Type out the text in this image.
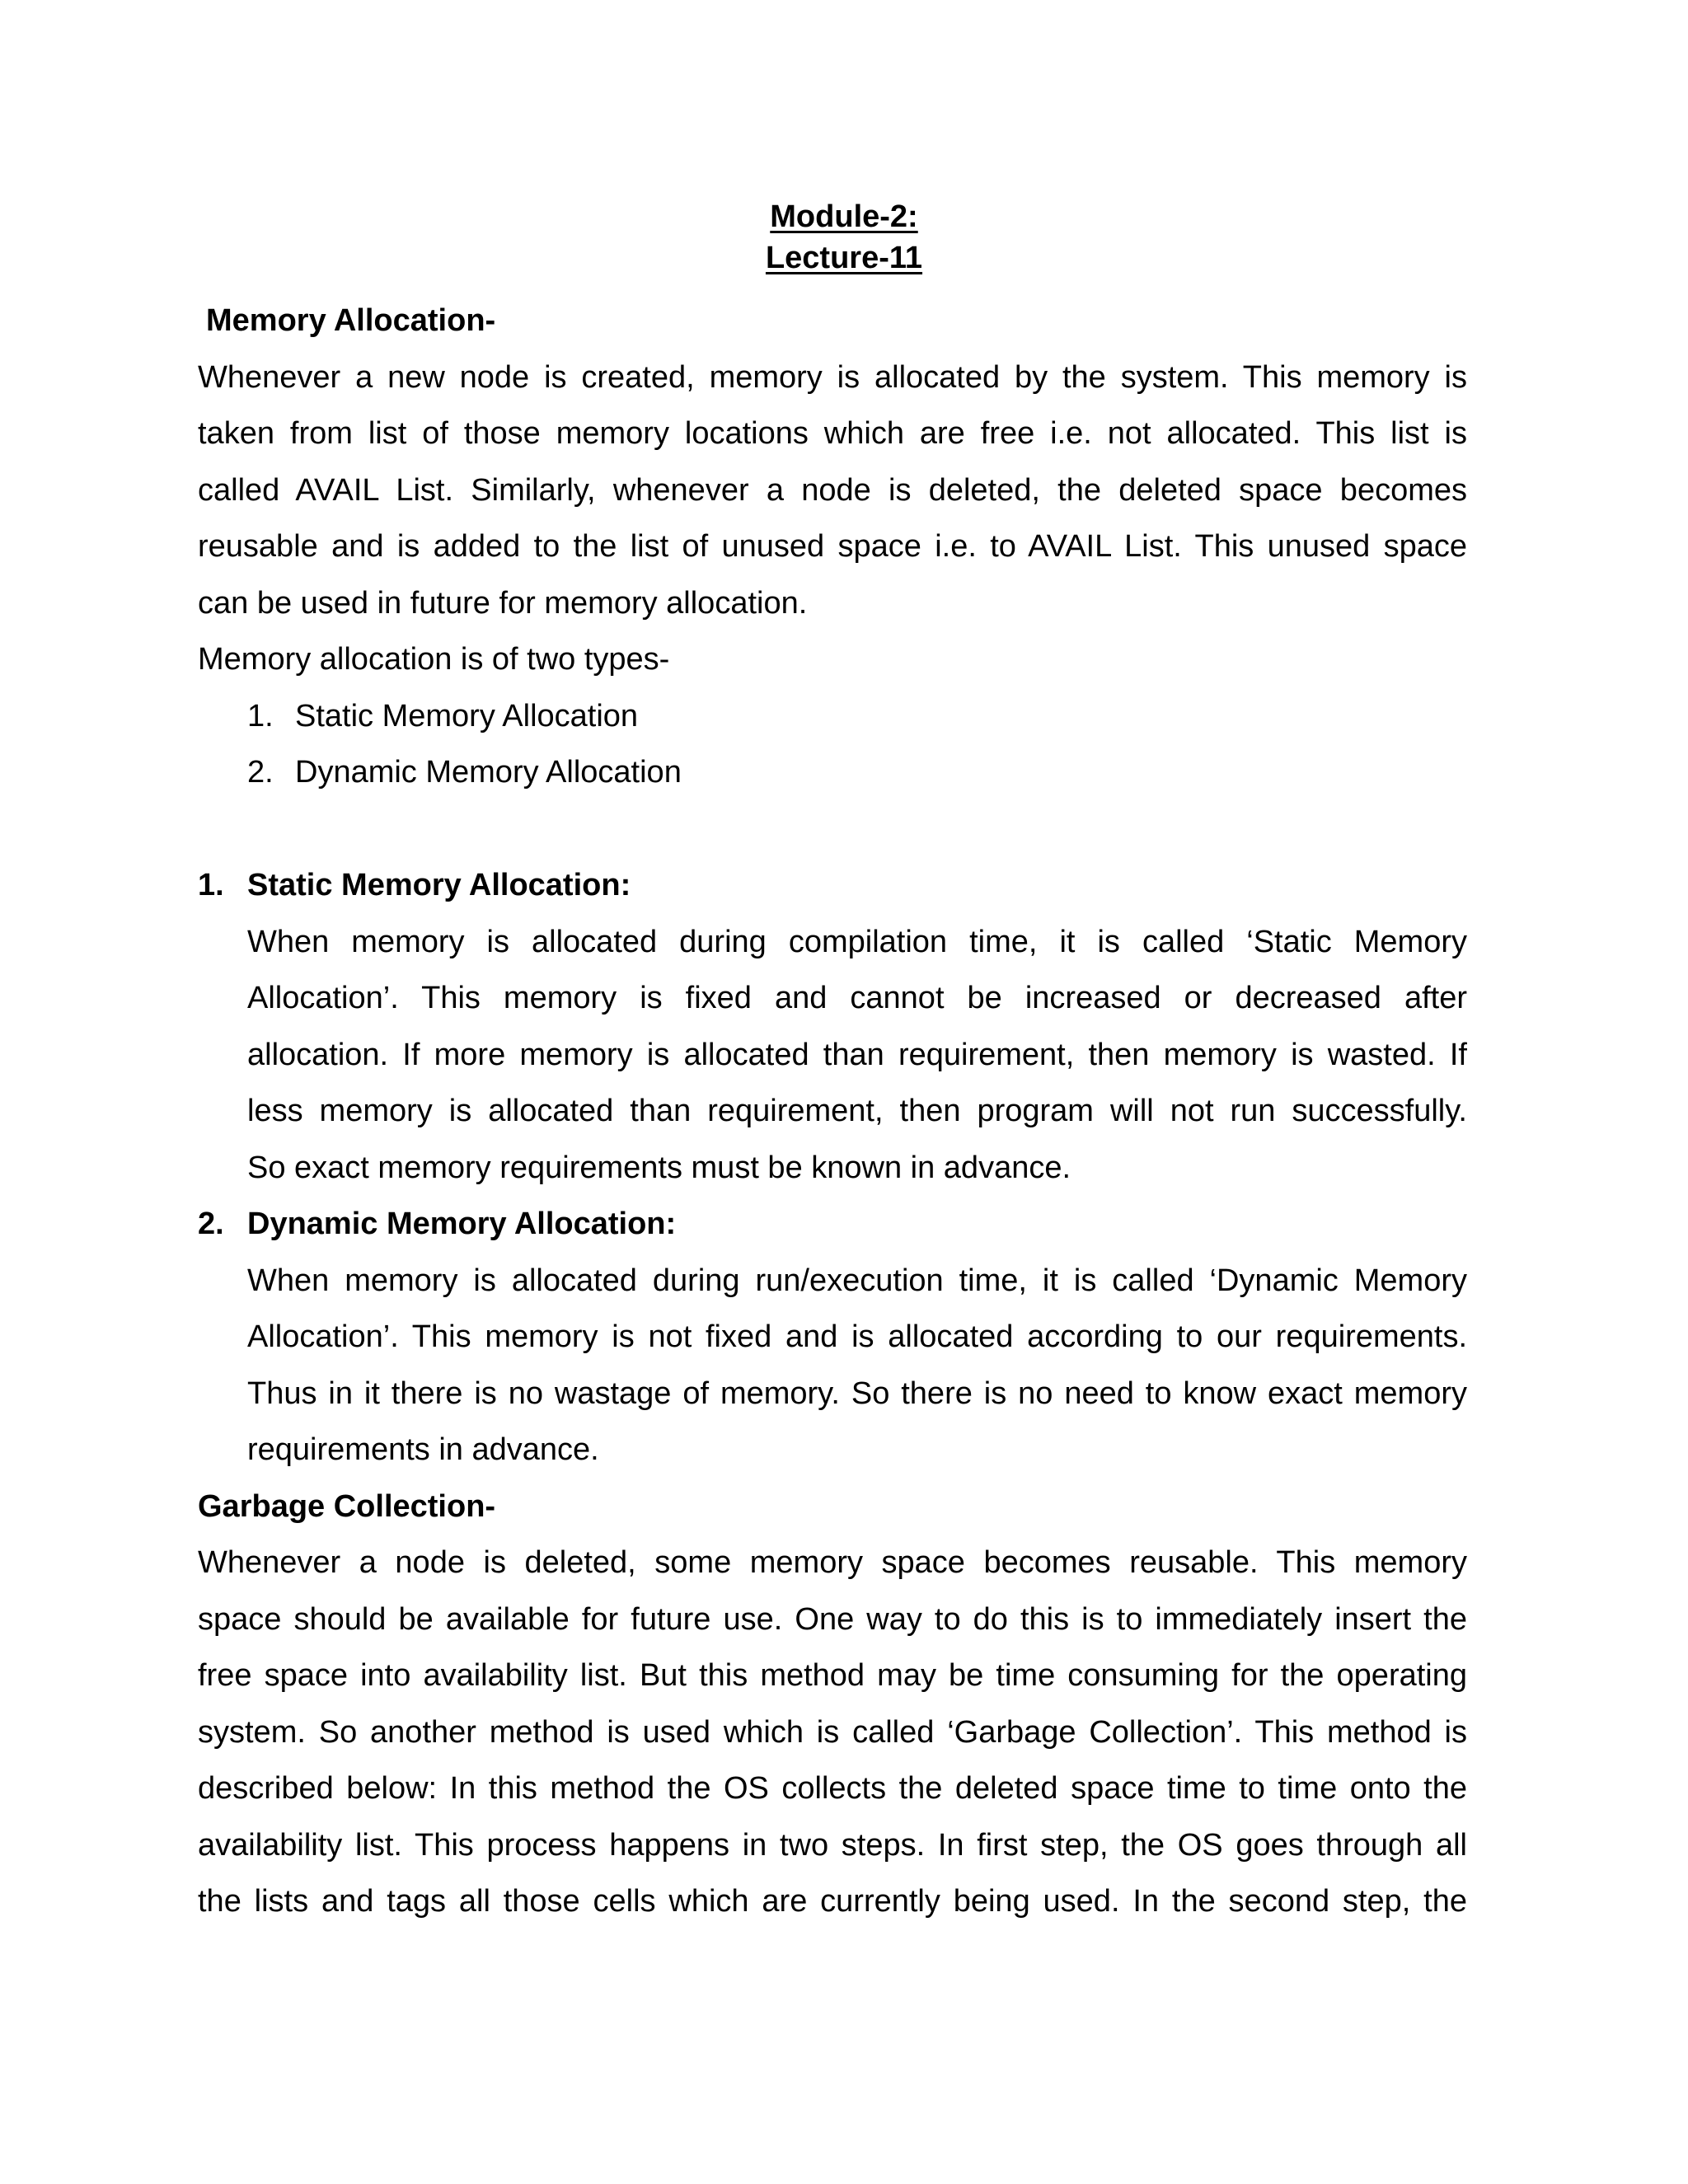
Module-2:
Lecture-11
Memory Allocation-
Whenever a new node is created, memory is allocated by the system. This memory is
taken from list of those memory locations which are free i.e. not allocated. This list is
called AVAIL List. Similarly, whenever a node is deleted, the deleted space becomes
reusable and is added to the list of unused space i.e. to AVAIL List. This unused space
can be used in future for memory allocation.
Memory allocation is of two types-
1. Static Memory Allocation
2. Dynamic Memory Allocation
1. Static Memory Allocation:
When memory is allocated during compilation time, it is called ‘Static Memory
Allocation’. This memory is fixed and cannot be increased or decreased after
allocation. If more memory is allocated than requirement, then memory is wasted. If
less memory is allocated than requirement, then program will not run successfully.
So exact memory requirements must be known in advance.
2. Dynamic Memory Allocation:
When memory is allocated during run/execution time, it is called ‘Dynamic Memory
Allocation’. This memory is not fixed and is allocated according to our requirements.
Thus in it there is no wastage of memory. So there is no need to know exact memory
requirements in advance.
Garbage Collection-
Whenever a node is deleted, some memory space becomes reusable. This memory
space should be available for future use. One way to do this is to immediately insert the
free space into availability list. But this method may be time consuming for the operating
system. So another method is used which is called ‘Garbage Collection’. This method is
described below: In this method the OS collects the deleted space time to time onto the
availability list. This process happens in two steps. In first step, the OS goes through all
the lists and tags all those cells which are currently being used. In the second step, the
